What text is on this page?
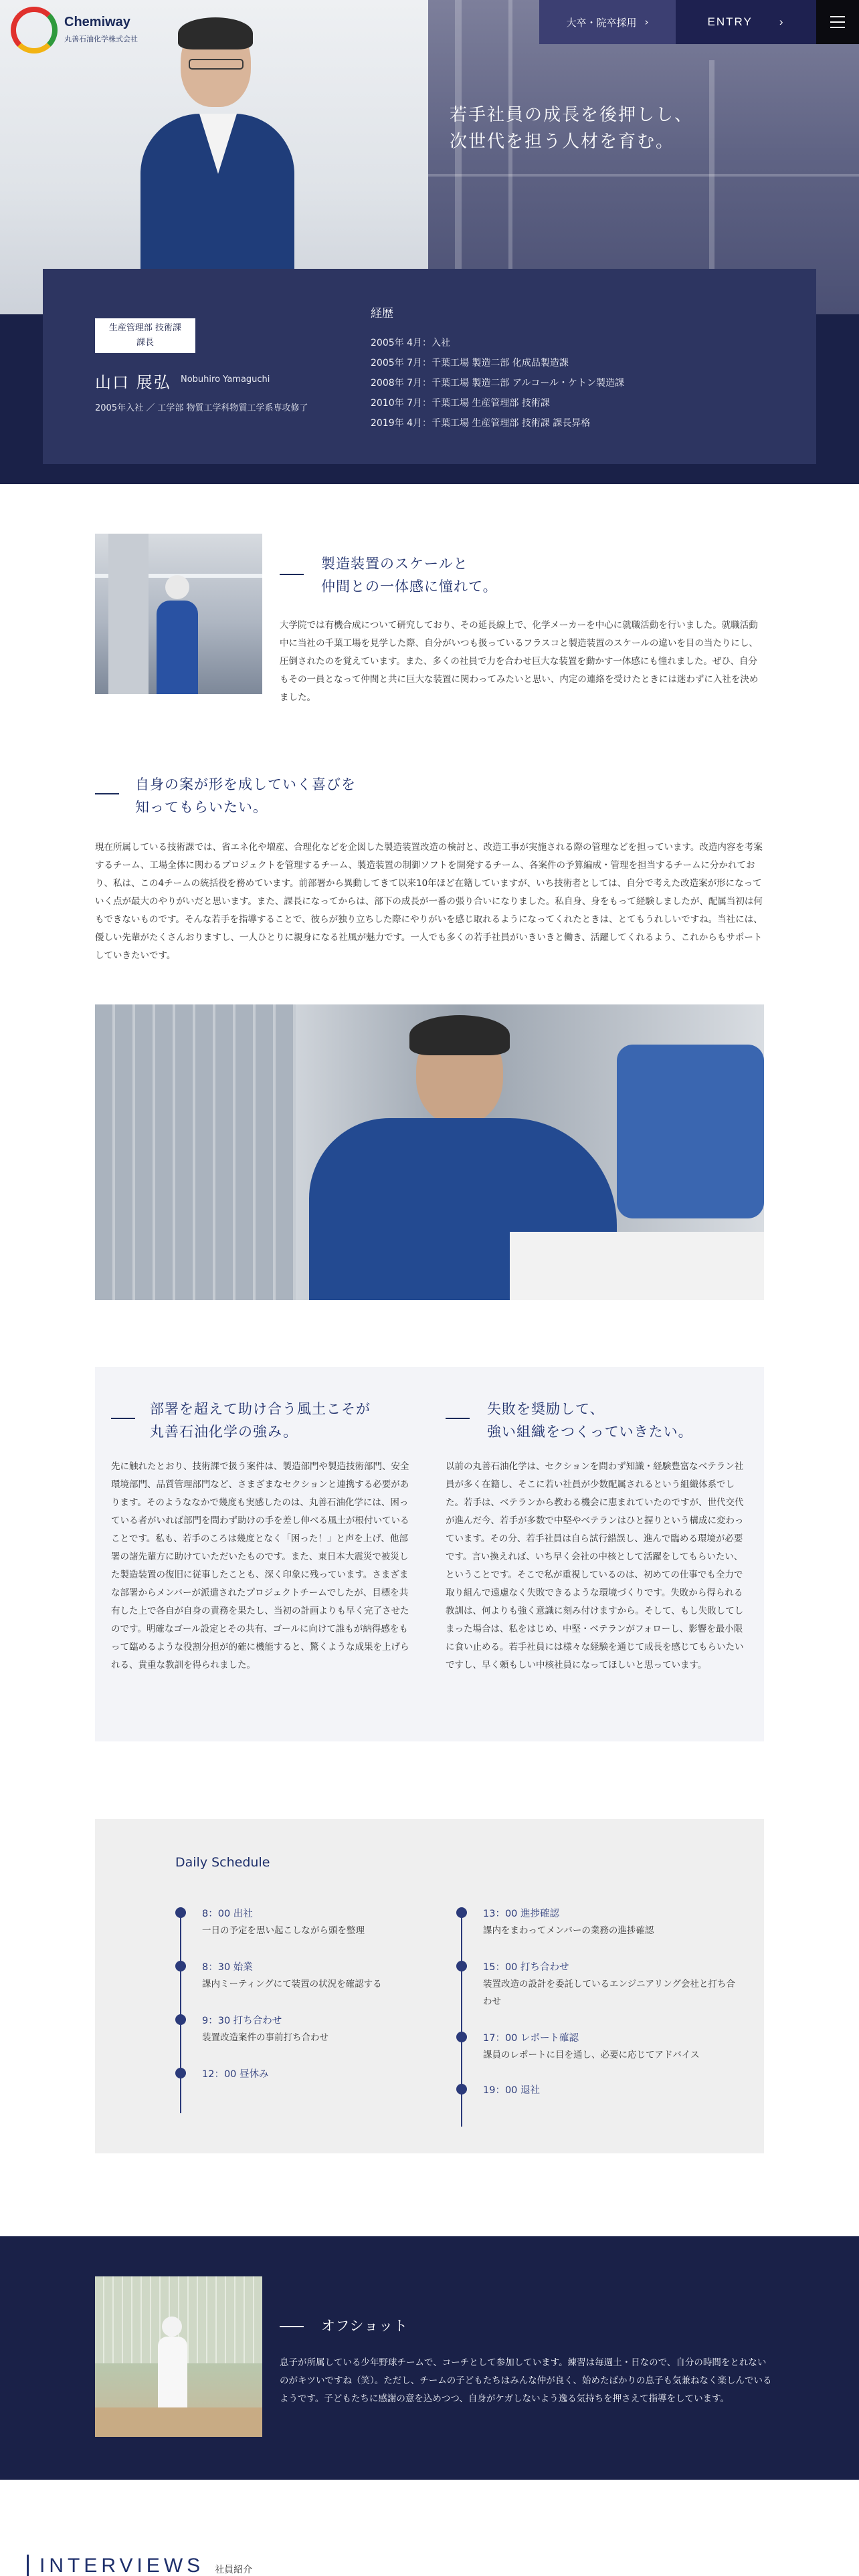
若手社員の成長を後押しし、
次世代を担う人材を育む。
Chemiway
丸善石油化学株式会社
大卒・院卒採用 ›	ENTRY ›
生産管理部 技術課
課長
山口 展弘 Nobuhiro Yamaguchi
2005年入社 ／ 工学部 物質工学科物質工学系専攻修了
経歴
2005年 4月：入社
2005年 7月：千葉工場 製造二部 化成品製造課
2008年 7月：千葉工場 製造二部 アルコール・ケトン製造課
2010年 7月：千葉工場 生産管理部 技術課
2019年 4月：千葉工場 生産管理部 技術課 課長昇格
製造装置のスケールと
仲間との一体感に憧れて。
大学院では有機合成について研究しており、その延長線上で、化学メーカーを中心に就職活動を行いました。就職活動中に当社の千葉工場を見学した際、自分がいつも扱っているフラスコと製造装置のスケールの違いを目の当たりにし、圧倒されたのを覚えています。また、多くの社員で力を合わせ巨大な装置を動かす一体感にも憧れました。ぜひ、自分もその一員となって仲間と共に巨大な装置に関わってみたいと思い、内定の連絡を受けたときには迷わずに入社を決めました。
自身の案が形を成していく喜びを
知ってもらいたい。
現在所属している技術課では、省エネ化や増産、合理化などを企図した製造装置改造の検討と、改造工事が実施される際の管理などを担っています。改造内容を考案するチーム、工場全体に関わるプロジェクトを管理するチーム、製造装置の制御ソフトを開発するチーム、各案件の予算編成・管理を担当するチームに分かれており、私は、この4チームの統括役を務めています。前部署から異動してきて以来10年ほど在籍していますが、いち技術者としては、自分で考えた改造案が形になっていく点が最大のやりがいだと思います。また、課長になってからは、部下の成長が一番の張り合いになりました。私自身、身をもって経験しましたが、配属当初は何もできないものです。そんな若手を指導することで、彼らが独り立ちした際にやりがいを感じ取れるようになってくれたときは、とてもうれしいですね。当社には、優しい先輩がたくさんおりますし、一人ひとりに親身になる社風が魅力です。一人でも多くの若手社員がいきいきと働き、活躍してくれるよう、これからもサポートしていきたいです。
部署を超えて助け合う風土こそが
丸善石油化学の強み。
先に触れたとおり、技術課で扱う案件は、製造部門や製造技術部門、安全環境部門、品質管理部門など、さまざまなセクションと連携する必要があります。そのようななかで幾度も実感したのは、丸善石油化学には、困っている者がいれば部門を問わず助けの手を差し伸べる風土が根付いていることです。私も、若手のころは幾度となく「困った！」と声を上げ、他部署の諸先輩方に助けていただいたものです。また、東日本大震災で被災した製造装置の復旧に従事したことも、深く印象に残っています。さまざまな部署からメンバーが派遣されたプロジェクトチームでしたが、目標を共有した上で各自が自身の責務を果たし、当初の計画よりも早く完了させたのです。明確なゴール設定とその共有、ゴールに向けて誰もが納得感をもって臨めるような役割分担が的確に機能すると、驚くような成果を上げられる、貴重な教訓を得られました。
失敗を奨励して、
強い組織をつくっていきたい。
以前の丸善石油化学は、セクションを問わず知識・経験豊富なベテラン社員が多く在籍し、そこに若い社員が少数配属されるという組織体系でした。若手は、ベテランから教わる機会に恵まれていたのですが、世代交代が進んだ今、若手が多数で中堅やベテランはひと握りという構成に変わっています。その分、若手社員は自ら試行錯誤し、進んで臨める環境が必要です。言い換えれば、いち早く会社の中核として活躍をしてもらいたい、ということです。そこで私が重視しているのは、初めての仕事でも全力で取り組んで遠慮なく失敗できるような環境づくりです。失敗から得られる教訓は、何よりも強く意識に刻み付けますから。そして、もし失敗してしまった場合は、私をはじめ、中堅・ベテランがフォローし、影響を最小限に食い止める。若手社員には様々な経験を通じて成長を感じてもらいたいですし、早く頼もしい中核社員になってほしいと思っています。
Daily Schedule
8：00 出社
一日の予定を思い起こしながら頭を整理
8：30 始業
課内ミーティングにて装置の状況を確認する
9：30 打ち合わせ
装置改造案件の事前打ち合わせ
12：00 昼休み
13：00 進捗確認
課内をまわってメンバーの業務の進捗確認
15：00 打ち合わせ
装置改造の設計を委託しているエンジニアリング会社と打ち合わせ
17：00 レポート確認
課員のレポートに目を通し、必要に応じてアドバイス
19：00 退社
オフショット
息子が所属している少年野球チームで、コーチとして参加しています。練習は毎週土・日なので、自分の時間をとれないのがキツいですね（笑）。ただし、チームの子どもたちはみんな仲が良く、始めたばかりの息子も気兼ねなく楽しんでいるようです。子どもたちに感謝の意を込めつつ、自身がケガしないよう逸る気持ちを押さえて指導をしています。
INTERVIEWS 社員紹介
